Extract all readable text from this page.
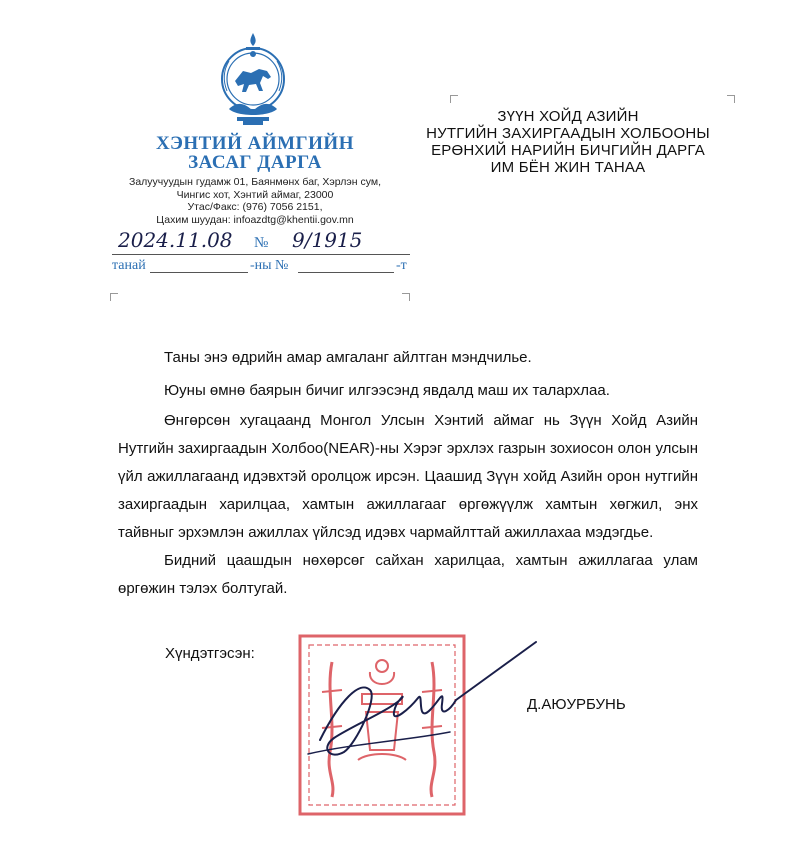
ХЭНТИЙ АЙМГИЙН
ЗАСАГ ДАРГА
Залуучуудын гудамж 01, Баянмөнх баг, Хэрлэн сум,
Чингис хот, Хэнтий аймаг, 23000
Утас/Факс: (976) 7056 2151,
Цахим шуудан: infoazdtg@khentii.gov.mn
2024.11.08 № 9/1915
танай	-ны №	-т
ЗҮҮН ХОЙД АЗИЙН
НУТГИЙН ЗАХИРГААДЫН ХОЛБООНЫ
ЕРӨНХИЙ НАРИЙН БИЧГИЙН ДАРГА
ИМ БЁН ЖИН ТАНАА
Таны энэ өдрийн амар амгаланг айлтган мэндчилье.
Юуны өмнө баярын бичиг илгээсэнд явдалд маш их талархлаа.
Өнгөрсөн хугацаанд Монгол Улсын Хэнтий аймаг нь Зүүн Хойд Азийн Нутгийн захиргаадын Холбоо(NEAR)-ны Хэрэг эрхлэх газрын зохиосон олон улсын үйл ажиллагаанд идэвхтэй оролцож ирсэн. Цаашид Зүүн хойд Азийн орон нутгийн захиргаадын харилцаа, хамтын ажиллагааг өргөжүүлж хамтын хөгжил, энх тайвныг эрхэмлэн ажиллах үйлсэд идэвх чармайлттай ажиллахаа мэдэгдье.
Бидний цаашдын нөхөрсөг сайхан харилцаа, хамтын ажиллагаа улам өргөжин тэлэх болтугай.
Хүндэтгэсэн:
Д.АЮУРБУНЬ
